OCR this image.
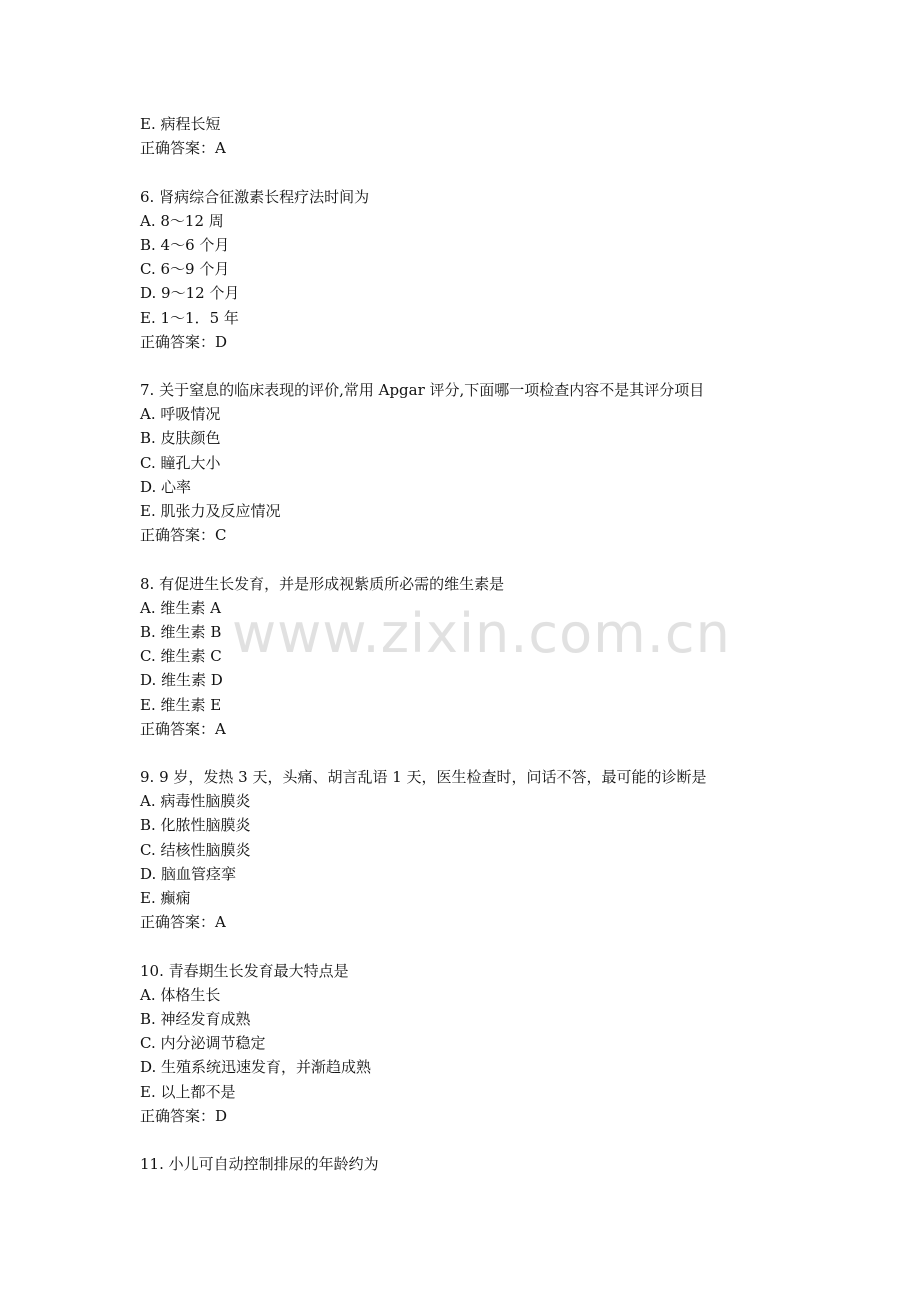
www.zixin.com.cn
E. 病程长短
正确答案：A
6. 肾病综合征激素长程疗法时间为
A. 8～12 周
B. 4～6 个月
C. 6～9 个月
D. 9～12 个月
E. 1～1．5 年
正确答案：D
7. 关于窒息的临床表现的评价,常用 Apgar 评分,下面哪一项检查内容不是其评分项目
A. 呼吸情况
B. 皮肤颜色
C. 瞳孔大小
D. 心率
E. 肌张力及反应情况
正确答案：C
8. 有促进生长发育，并是形成视紫质所必需的维生素是
A. 维生素 A
B. 维生素 B
C. 维生素 C
D. 维生素 D
E. 维生素 E
正确答案：A
9. 9 岁，发热 3 天，头痛、胡言乱语 1 天，医生检查时，问话不答，最可能的诊断是
A. 病毒性脑膜炎
B. 化脓性脑膜炎
C. 结核性脑膜炎
D. 脑血管痉挛
E. 癫痫
正确答案：A
10. 青春期生长发育最大特点是
A. 体格生长
B. 神经发育成熟
C. 内分泌调节稳定
D. 生殖系统迅速发育，并渐趋成熟
E. 以上都不是
正确答案：D
11. 小儿可自动控制排尿的年龄约为
